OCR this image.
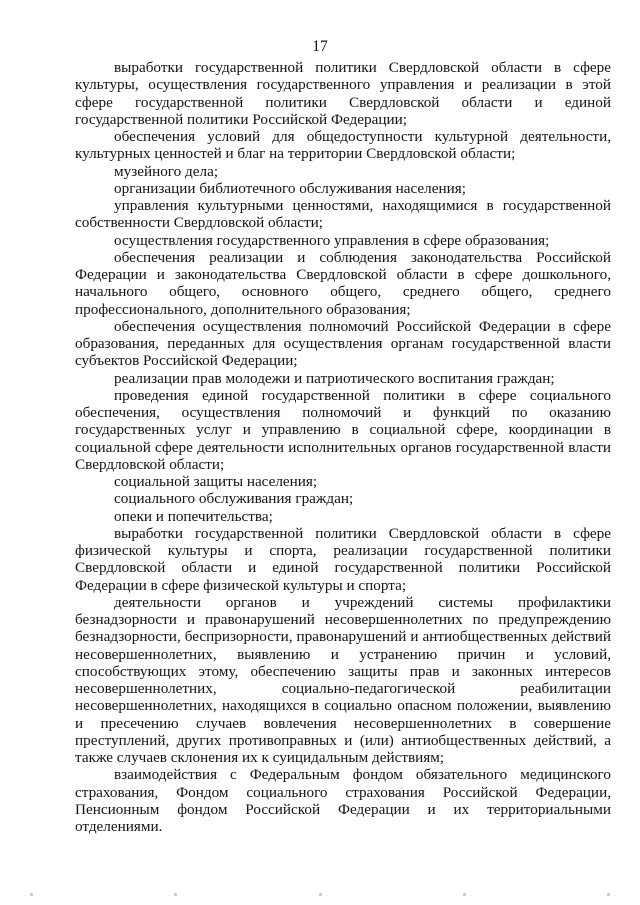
17

выработки государственной политики Свердловской области в сфере культуры, осуществления государственного управления и реализации в этой сфере государственной политики Свердловской области и единой государственной политики Российской Федерации;

обеспечения условий для общедоступности культурной деятельности, культурных ценностей и благ на территории Свердловской области;

музейного дела;

организации библиотечного обслуживания населения;

управления культурными ценностями, находящимися в государственной собственности Свердловской области;

осуществления государственного управления в сфере образования;

обеспечения реализации и соблюдения законодательства Российской Федерации и законодательства Свердловской области в сфере дошкольного, начального общего, основного общего, среднего общего, среднего профессионального, дополнительного образования;

обеспечения осуществления полномочий Российской Федерации в сфере образования, переданных для осуществления органам государственной власти субъектов Российской Федерации;

реализации прав молодежи и патриотического воспитания граждан;

проведения единой государственной политики в сфере социального обеспечения, осуществления полномочий и функций по оказанию государственных услуг и управлению в социальной сфере, координации в социальной сфере деятельности исполнительных органов государственной власти Свердловской области;

социальной защиты населения;

социального обслуживания граждан;

опеки и попечительства;

выработки государственной политики Свердловской области в сфере физической культуры и спорта, реализации государственной политики Свердловской области и единой государственной политики Российской Федерации в сфере физической культуры и спорта;

деятельности органов и учреждений системы профилактики безнадзорности и правонарушений несовершеннолетних по предупреждению безнадзорности, беспризорности, правонарушений и антиобщественных действий несовершеннолетних, выявлению и устранению причин и условий, способствующих этому, обеспечению защиты прав и законных интересов несовершеннолетних, социально-педагогической реабилитации несовершеннолетних, находящихся в социально опасном положении, выявлению и пресечению случаев вовлечения несовершеннолетних в совершение преступлений, других противоправных и (или) антиобщественных действий, а также случаев склонения их к суицидальным действиям;

взаимодействия с Федеральным фондом обязательного медицинского страхования, Фондом социального страхования Российской Федерации, Пенсионным фондом Российской Федерации и их территориальными отделениями.
